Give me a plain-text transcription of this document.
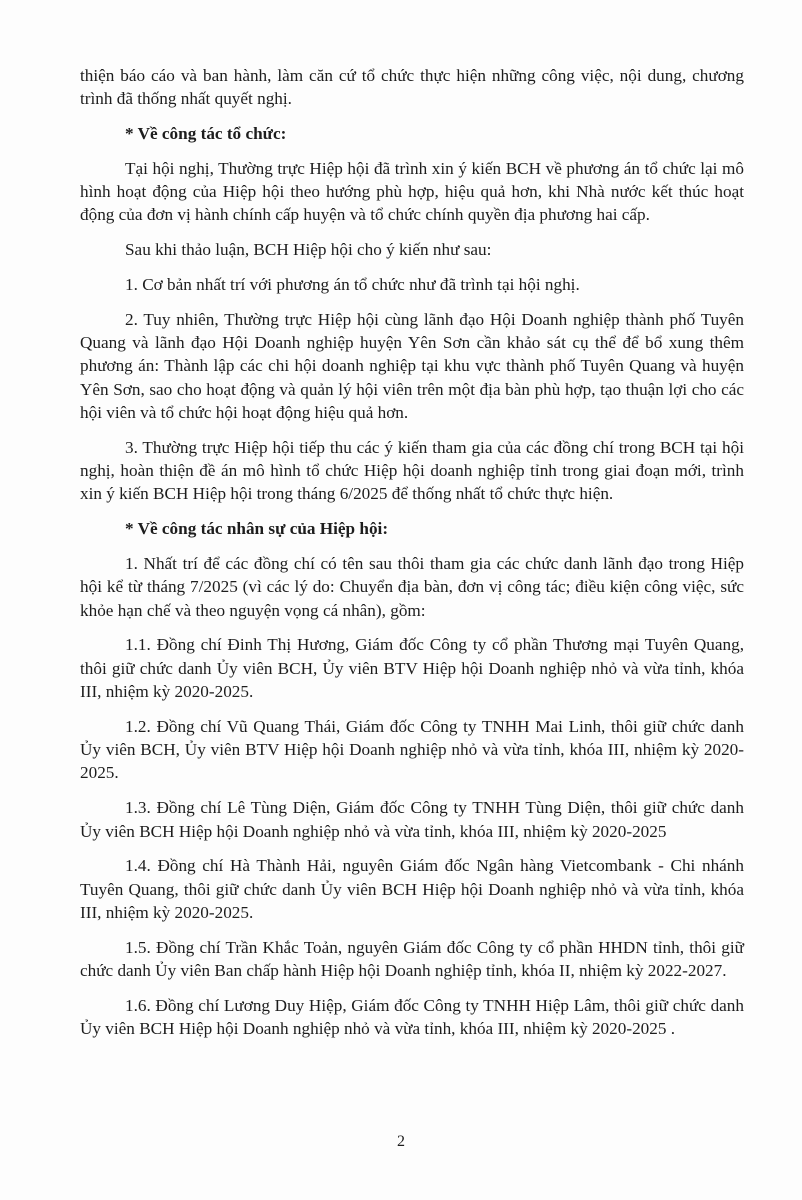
thiện báo cáo và ban hành, làm căn cứ tổ chức thực hiện những công việc, nội dung, chương trình đã thống nhất quyết nghị.

* Về công tác tổ chức:

Tại hội nghị, Thường trực Hiệp hội đã trình xin ý kiến BCH về phương án tổ chức lại mô hình hoạt động của Hiệp hội theo hướng phù hợp, hiệu quả hơn, khi Nhà nước kết thúc hoạt động của đơn vị hành chính cấp huyện và tổ chức chính quyền địa phương hai cấp.

Sau khi thảo luận, BCH Hiệp hội cho ý kiến như sau:

1. Cơ bản nhất trí với phương án tổ chức như đã trình tại hội nghị.

2. Tuy nhiên, Thường trực Hiệp hội cùng lãnh đạo Hội Doanh nghiệp thành phố Tuyên Quang và lãnh đạo Hội Doanh nghiệp huyện Yên Sơn cần khảo sát cụ thể để bổ xung thêm phương án: Thành lập các chi hội doanh nghiệp tại khu vực thành phố Tuyên Quang và huyện Yên Sơn, sao cho hoạt động và quản lý hội viên trên một địa bàn phù hợp, tạo thuận lợi cho các hội viên và tổ chức hội hoạt động hiệu quả hơn.

3. Thường trực Hiệp hội tiếp thu các ý kiến tham gia của các đồng chí trong BCH tại hội nghị, hoàn thiện đề án mô hình tổ chức Hiệp hội doanh nghiệp tỉnh trong giai đoạn mới, trình xin ý kiến BCH Hiệp hội trong tháng 6/2025 để thống nhất tổ chức thực hiện.

* Về công tác nhân sự của Hiệp hội:

1. Nhất trí để các đồng chí có tên sau thôi tham gia các chức danh lãnh đạo trong Hiệp hội kể từ tháng 7/2025 (vì các lý do: Chuyển địa bàn, đơn vị công tác; điều kiện công việc, sức khỏe hạn chế và theo nguyện vọng cá nhân), gồm:

1.1. Đồng chí Đinh Thị Hương, Giám đốc Công ty cổ phần Thương mại Tuyên Quang, thôi giữ chức danh Ủy viên BCH, Ủy viên BTV Hiệp hội Doanh nghiệp nhỏ và vừa tỉnh, khóa III, nhiệm kỳ 2020-2025.

1.2. Đồng chí Vũ Quang Thái, Giám đốc Công ty TNHH Mai Linh, thôi giữ chức danh Ủy viên BCH, Ủy viên BTV Hiệp hội Doanh nghiệp nhỏ và vừa tỉnh, khóa III, nhiệm kỳ 2020-2025.

1.3. Đồng chí Lê Tùng Diện, Giám đốc Công ty TNHH Tùng Diện, thôi giữ chức danh Ủy viên BCH Hiệp hội Doanh nghiệp nhỏ và vừa tỉnh, khóa III, nhiệm kỳ 2020-2025

1.4. Đồng chí Hà Thành Hải, nguyên Giám đốc Ngân hàng Vietcombank - Chi nhánh Tuyên Quang, thôi giữ chức danh Ủy viên BCH Hiệp hội Doanh nghiệp nhỏ và vừa tỉnh, khóa III, nhiệm kỳ 2020-2025.

1.5. Đồng chí Trần Khắc Toản, nguyên Giám đốc Công ty cổ phần HHDN tỉnh, thôi giữ chức danh Ủy viên Ban chấp hành Hiệp hội Doanh nghiệp tỉnh, khóa II, nhiệm kỳ 2022-2027.

1.6. Đồng chí Lương Duy Hiệp, Giám đốc Công ty TNHH Hiệp Lâm, thôi giữ chức danh Ủy viên BCH Hiệp hội Doanh nghiệp nhỏ và vừa tỉnh, khóa III, nhiệm kỳ 2020-2025 .

2
